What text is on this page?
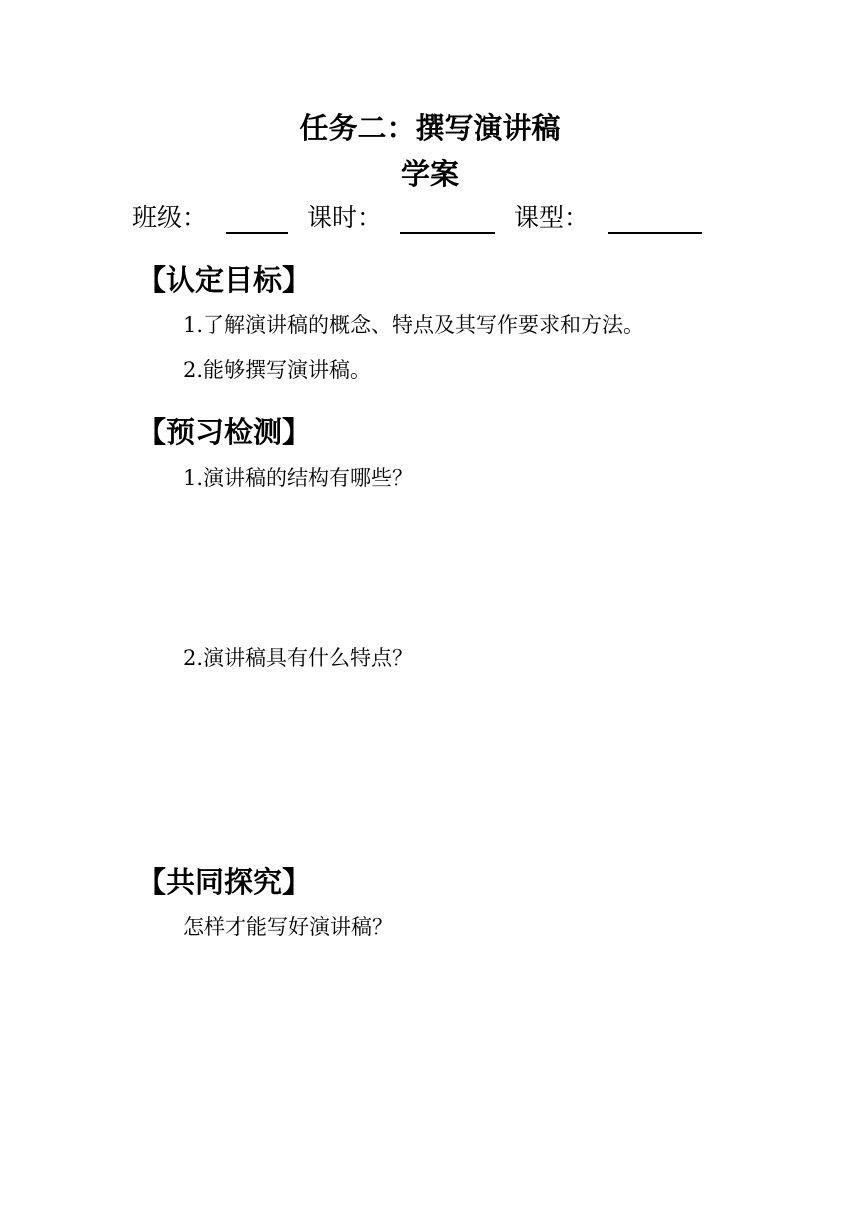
任务二：撰写演讲稿
学案
班级：	课时：	课型：
【认定目标】
1.了解演讲稿的概念、特点及其写作要求和方法。
2.能够撰写演讲稿。
【预习检测】
1.演讲稿的结构有哪些？
2.演讲稿具有什么特点？
【共同探究】
怎样才能写好演讲稿？
